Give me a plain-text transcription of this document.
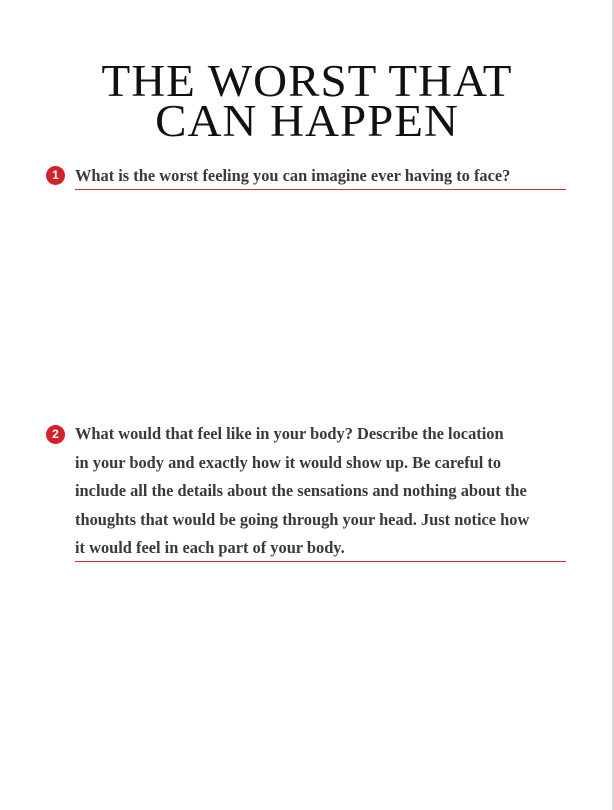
THE WORST THAT
CAN HAPPEN
1 What is the worst feeling you can imagine ever having to face?

2 What would that feel like in your body? Describe the location
in your body and exactly how it would show up. Be careful to
include all the details about the sensations and nothing about the
thoughts that would be going through your head. Just notice how
it would feel in each part of your body.
